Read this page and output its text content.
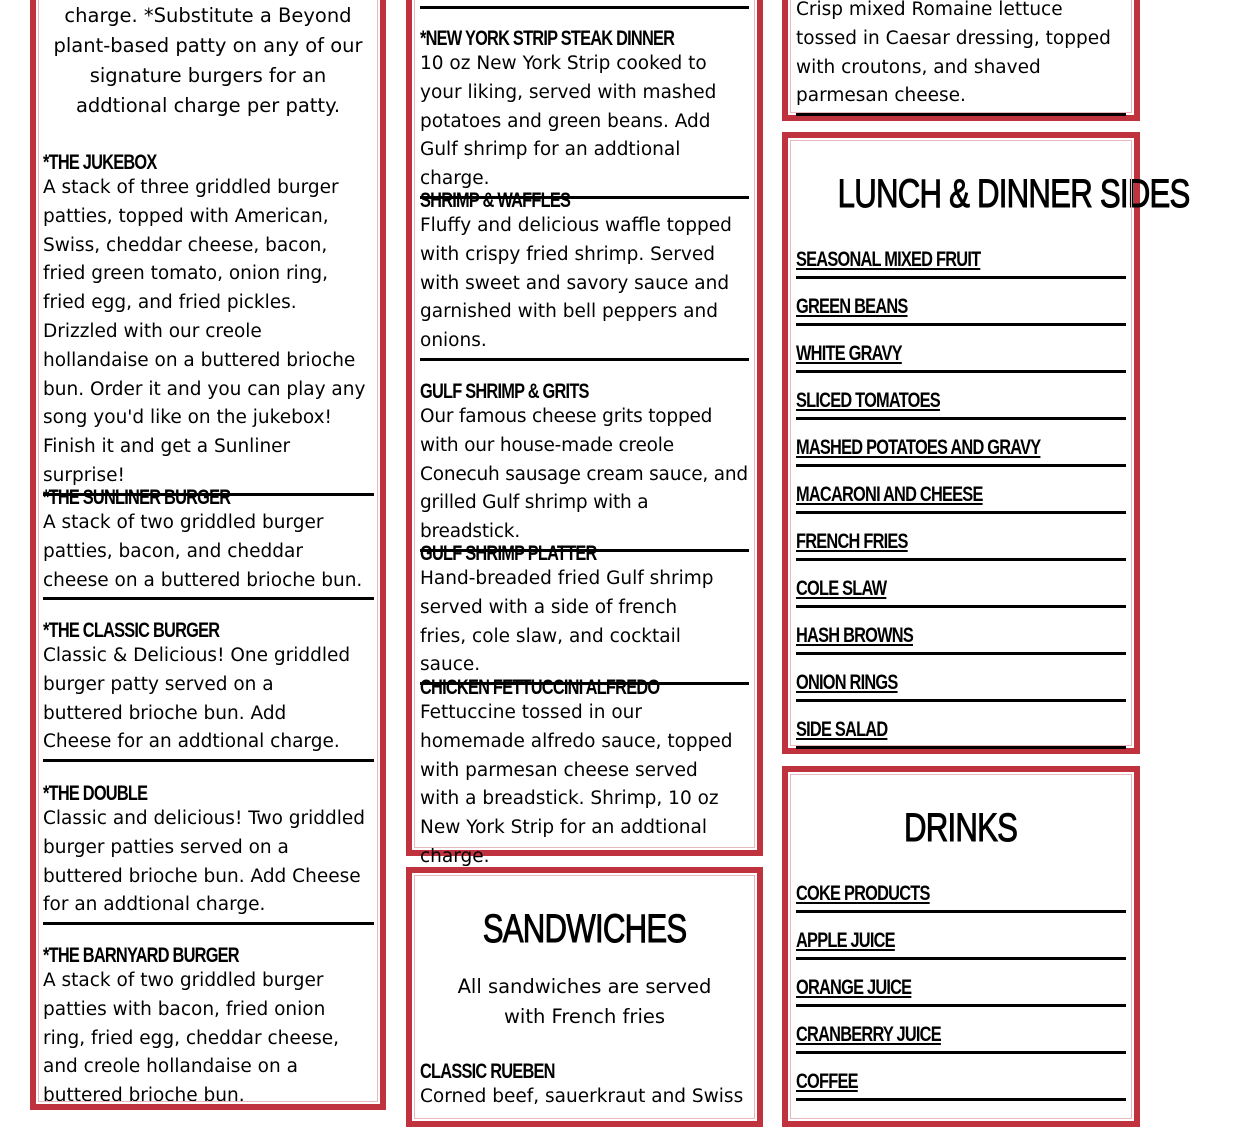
charge. *Substitute a Beyond plant-based patty on any of our signature burgers for an addtional charge per patty.
*THE JUKEBOX
A stack of three griddled burger patties, topped with American, Swiss, cheddar cheese, bacon, fried green tomato, onion ring, fried egg, and fried pickles. Drizzled with our creole hollandaise on a buttered brioche bun. Order it and you can play any song you'd like on the jukebox! Finish it and get a Sunliner surprise!
*THE SUNLINER BURGER
A stack of two griddled burger patties, bacon, and cheddar cheese on a buttered brioche bun.
*THE CLASSIC BURGER
Classic & Delicious! One griddled burger patty served on a buttered brioche bun. Add Cheese for an addtional charge.
*THE DOUBLE
Classic and delicious! Two griddled burger patties served on a buttered brioche bun. Add Cheese for an addtional charge.
*THE BARNYARD BURGER
A stack of two griddled burger patties with bacon, fried onion ring, fried egg, cheddar cheese, and creole hollandaise on a buttered brioche bun.
*NEW YORK STRIP STEAK DINNER
10 oz New York Strip cooked to your liking, served with mashed potatoes and green beans. Add Gulf shrimp for an addtional charge.
SHRIMP & WAFFLES
Fluffy and delicious waffle topped with crispy fried shrimp. Served with sweet and savory sauce and garnished with bell peppers and onions.
GULF SHRIMP & GRITS
Our famous cheese grits topped with our house-made creole Conecuh sausage cream sauce, and grilled Gulf shrimp with a breadstick.
GULF SHRIMP PLATTER
Hand-breaded fried Gulf shrimp served with a side of french fries, cole slaw, and cocktail sauce.
CHICKEN FETTUCCINI ALFREDO
Fettuccine tossed in our homemade alfredo sauce, topped with parmesan cheese served with a breadstick. Shrimp, 10 oz New York Strip for an addtional charge.
SANDWICHES
All sandwiches are served with French fries
CLASSIC RUEBEN
Corned beef, sauerkraut and Swiss
Crisp mixed Romaine lettuce tossed in Caesar dressing, topped with croutons, and shaved parmesan cheese.
LUNCH & DINNER SIDES
SEASONAL MIXED FRUIT
GREEN BEANS
WHITE GRAVY
SLICED TOMATOES
MASHED POTATOES AND GRAVY
MACARONI AND CHEESE
FRENCH FRIES
COLE SLAW
HASH BROWNS
ONION RINGS
SIDE SALAD
DRINKS
COKE PRODUCTS
APPLE JUICE
ORANGE JUICE
CRANBERRY JUICE
COFFEE
